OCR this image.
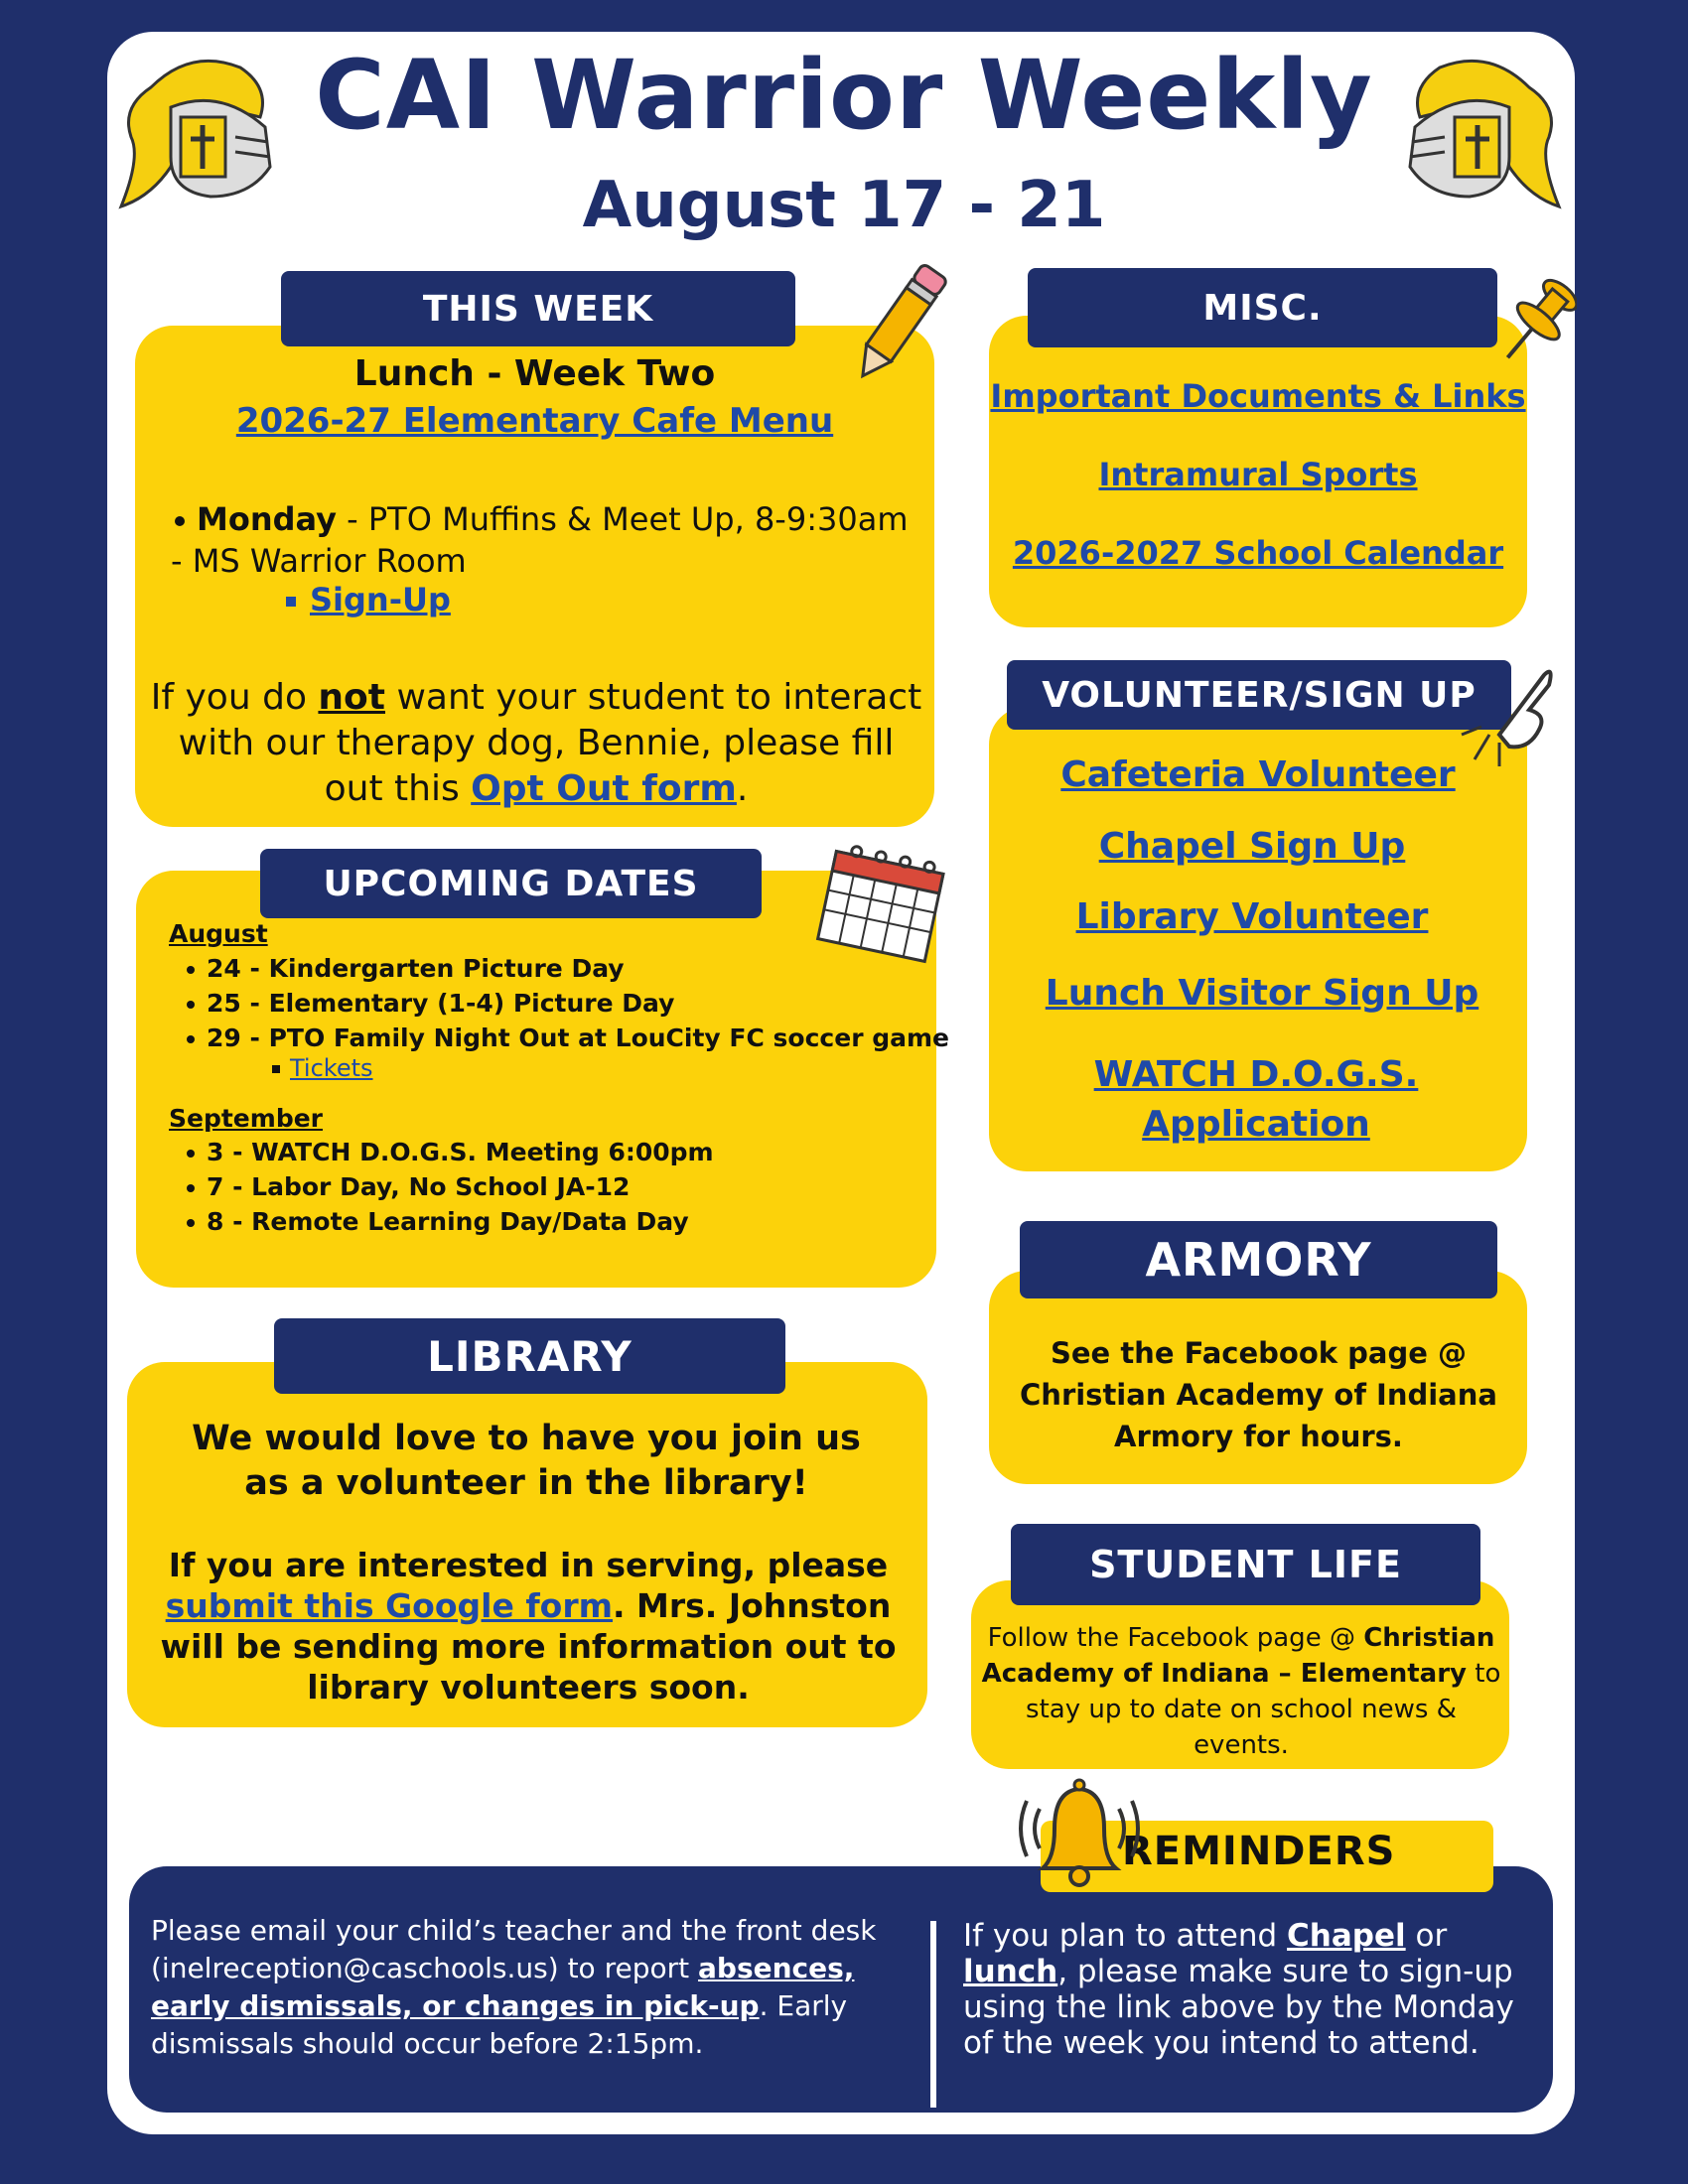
CAI Warrior Weekly
August 17 - 21
THIS WEEK
Lunch - Week Two
2026-27 Elementary Cafe Menu
Monday - PTO Muffins & Meet Up, 8-9:30am - MS Warrior Room
Sign-Up
If you do not want your student to interact with our therapy dog, Bennie, please fill out this Opt Out form.
MISC.
Important Documents & Links
Intramural Sports
2026-2027 School Calendar
UPCOMING DATES
August
24 - Kindergarten Picture Day
25 - Elementary (1-4) Picture Day
29 - PTO Family Night Out at LouCity FC soccer game
Tickets
September
3 - WATCH D.O.G.S. Meeting 6:00pm
7 - Labor Day, No School JA-12
8 - Remote Learning Day/Data Day
VOLUNTEER/SIGN UP
Cafeteria Volunteer
Chapel Sign Up
Library Volunteer
Lunch Visitor Sign Up
WATCH D.O.G.S. Application
LIBRARY
We would love to have you join us as a volunteer in the library!
If you are interested in serving, please submit this Google form. Mrs. Johnston will be sending more information out to library volunteers soon.
ARMORY
See the Facebook page @ Christian Academy of Indiana Armory for hours.
STUDENT LIFE
Follow the Facebook page @ Christian Academy of Indiana – Elementary to stay up to date on school news & events.
REMINDERS
Please email your child’s teacher and the front desk (inelreception@caschools.us) to report absences, early dismissals, or changes in pick-up. Early dismissals should occur before 2:15pm.
If you plan to attend Chapel or lunch, please make sure to sign-up using the link above by the Monday of the week you intend to attend.
